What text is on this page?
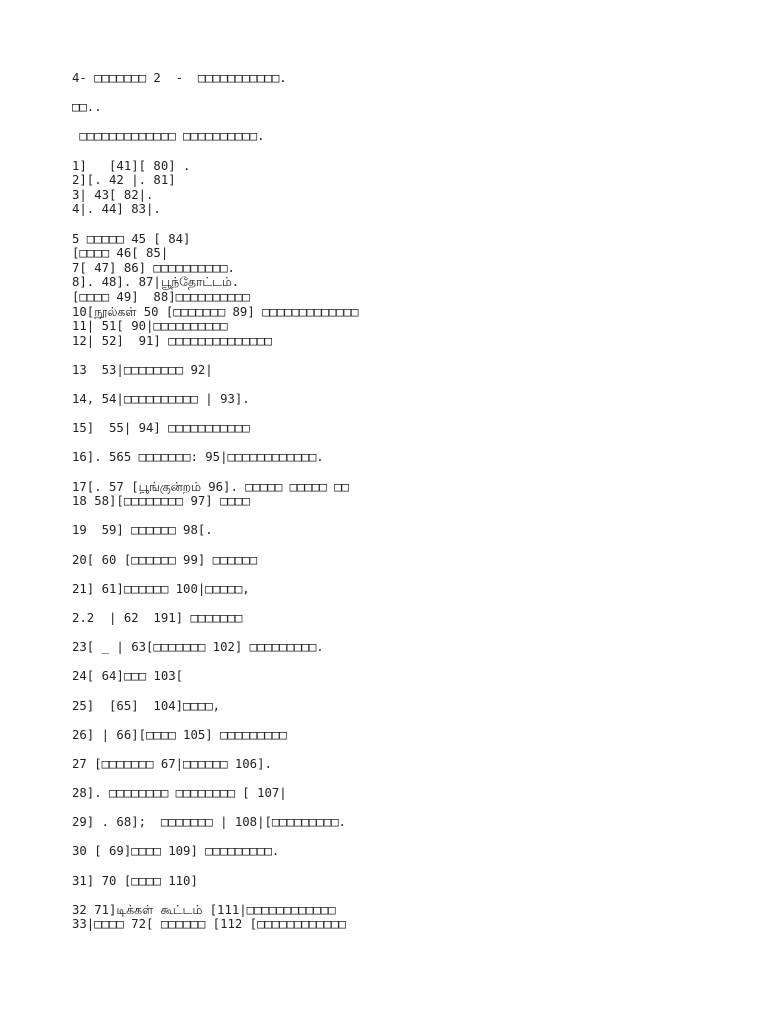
4- □□□□□□□ 2  -  □□□□□□□□□□□.
□□..
□□□□□□□□□□□□□ □□□□□□□□□□.
1]   [41][ 80] .
2][. 42 |. 81]
3| 43[ 82|.
4|. 44] 83|.
5 □□□□□ 45 [ 84]
[□□□□ 46[ 85|
7[ 47] 86] □□□□□□□□□□.
8]. 48]. 87|பூந்தோட்டம்.
[□□□□ 49]  88]□□□□□□□□□□
10[நூல்கள் 50 [□□□□□□□ 89] □□□□□□□□□□□□□
11| 51[ 90|□□□□□□□□□□
12| 52]  91] □□□□□□□□□□□□□□
13  53|□□□□□□□□ 92|
14, 54|□□□□□□□□□□ | 93].
15]  55| 94] □□□□□□□□□□□
16]. 565 □□□□□□□: 95|□□□□□□□□□□□□.
17[. 57 [பூங்குன்றம் 96]. □□□□□ □□□□□ □□
18 58][□□□□□□□□ 97] □□□□
19  59] □□□□□□ 98[.
20[ 60 [□□□□□□ 99] □□□□□□
21] 61]□□□□□□ 100|□□□□□,
2.2  | 62  191] □□□□□□□
23[ _ | 63[□□□□□□□ 102] □□□□□□□□□.
24[ 64]□□□ 103[
25]  [65]  104]□□□□,
26] | 66][□□□□ 105] □□□□□□□□□
27 [□□□□□□□ 67|□□□□□□ 106].
28]. □□□□□□□□ □□□□□□□□ [ 107|
29] . 68];  □□□□□□□ | 108|[□□□□□□□□□.
30 [ 69]□□□□ 109] □□□□□□□□□.
31] 70 [□□□□ 110]
32 71]டிக்கள் கூட்டம் [111|□□□□□□□□□□□□
33|□□□□ 72[ □□□□□□ [112 [□□□□□□□□□□□□
